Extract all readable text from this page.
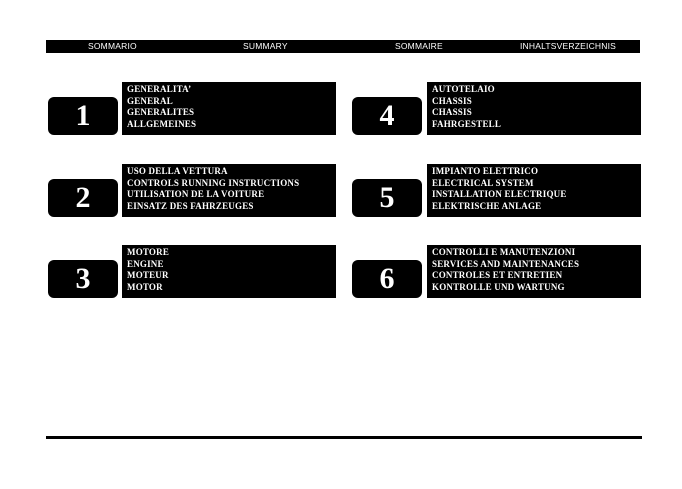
SOMMARIO	SUMMARY	SOMMAIRE	INHALTSVERZEICHNIS
1
GENERALITA’
GENERAL
GENERALITES
ALLGEMEINES
2
USO DELLA VETTURA
CONTROLS RUNNING INSTRUCTIONS
UTILISATION DE LA VOITURE
EINSATZ DES FAHRZEUGES
3
MOTORE
ENGINE
MOTEUR
MOTOR
4
AUTOTELAIO
CHASSIS
CHASSIS
FAHRGESTELL
5
IMPIANTO ELETTRICO
ELECTRICAL SYSTEM
INSTALLATION ELECTRIQUE
ELEKTRISCHE ANLAGE
6
CONTROLLI E MANUTENZIONI
SERVICES AND MAINTENANCES
CONTROLES ET ENTRETIEN
KONTROLLE UND WARTUNG
